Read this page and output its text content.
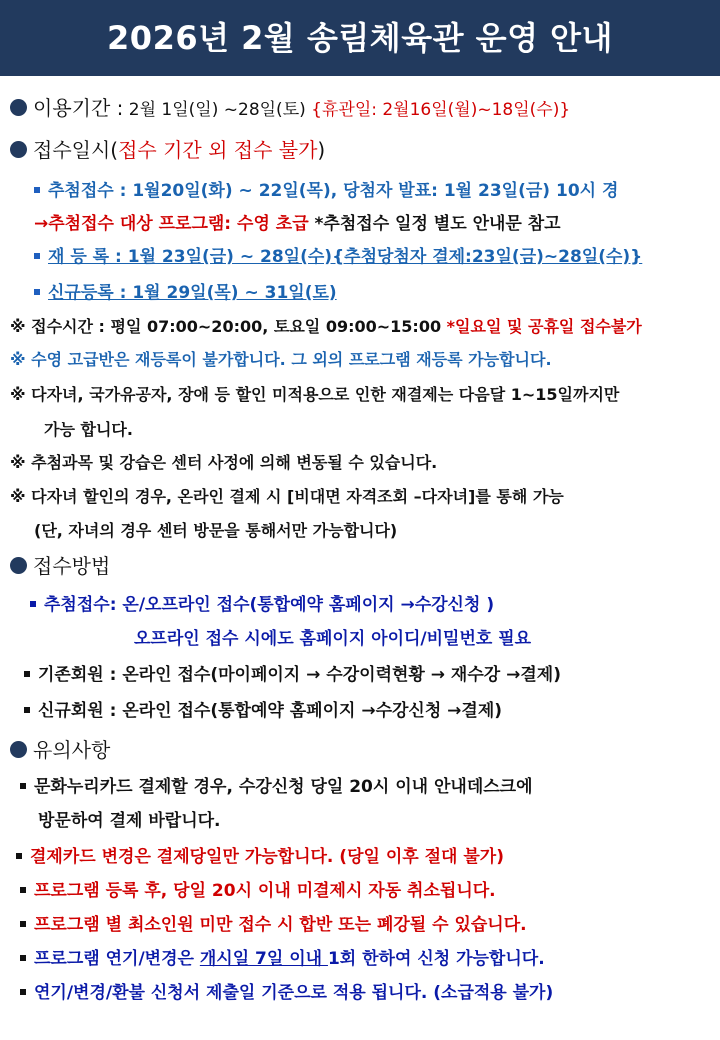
2026년 2월 송림체육관 운영 안내
이용기간 : 2월 1일(일) ~28일(토) {휴관일: 2월16일(월)~18일(수)}
접수일시(접수 기간 외 접수 불가)
추첨접수 : 1월20일(화) ~ 22일(목), 당첨자 발표: 1월 23일(금) 10시 경
→추첨접수 대상 프로그램: 수영 초급 *추첨접수 일정 별도 안내문 참고
재 등 록 : 1월 23일(금) ~ 28일(수){추첨당첨자 결제:23일(금)~28일(수)}
신규등록 : 1월 29일(목) ~ 31일(토)
※ 접수시간 : 평일 07:00~20:00, 토요일 09:00~15:00 *일요일 및 공휴일 접수불가
※ 수영 고급반은 재등록이 불가합니다. 그 외의 프로그램 재등록 가능합니다.
※ 다자녀, 국가유공자, 장애 등 할인 미적용으로 인한 재결제는 다음달 1~15일까지만
가능 합니다.
※ 추첨과목 및 강습은 센터 사정에 의해 변동될 수 있습니다.
※ 다자녀 할인의 경우, 온라인 결제 시 [비대면 자격조회 –다자녀]를 통해 가능
(단, 자녀의 경우 센터 방문을 통해서만 가능합니다)
접수방법
추첨접수: 온/오프라인 접수(통합예약 홈페이지 →수강신청 )
오프라인 접수 시에도 홈페이지 아이디/비밀번호 필요
기존회원 : 온라인 접수(마이페이지 → 수강이력현황 → 재수강 →결제)
신규회원 : 온라인 접수(통합예약 홈페이지 →수강신청 →결제)
유의사항
문화누리카드 결제할 경우, 수강신청 당일 20시 이내 안내데스크에
방문하여 결제 바랍니다.
결제카드 변경은 결제당일만 가능합니다. (당일 이후 절대 불가)
프로그램 등록 후, 당일 20시 이내 미결제시 자동 취소됩니다.
프로그램 별 최소인원 미만 접수 시 합반 또는 폐강될 수 있습니다.
프로그램 연기/변경은 개시일 7일 이내 1회 한하여 신청 가능합니다.
연기/변경/환불 신청서 제출일 기준으로 적용 됩니다. (소급적용 불가)
